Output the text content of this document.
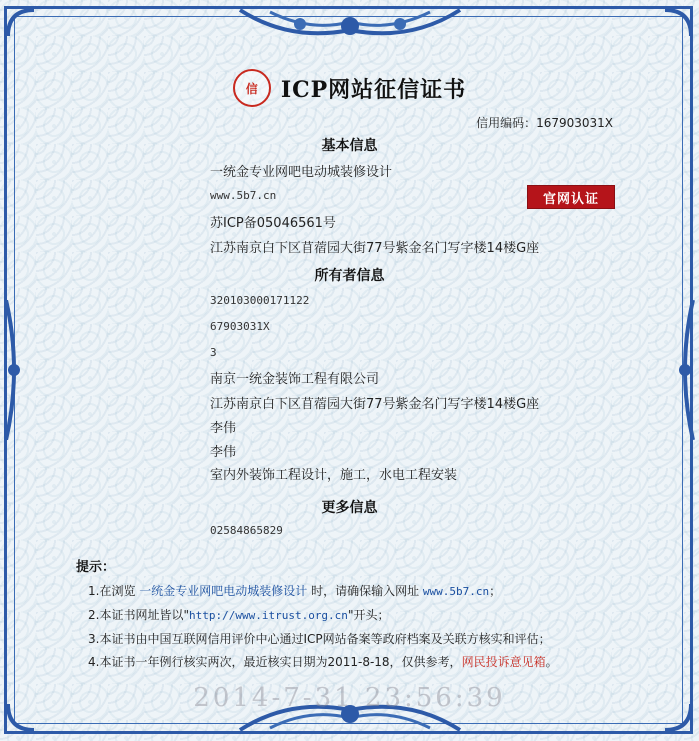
信	ICP网站征信证书
信用编码：167903031X
基本信息
一统金专业网吧电动城装修设计
www.5b7.cn	官网认证
苏ICP备05046561号
江苏南京白下区苜蓿园大街77号紫金名门写字楼14楼G座
所有者信息
320103000171122
67903031X
3
南京一统金装饰工程有限公司
江苏南京白下区苜蓿园大街77号紫金名门写字楼14楼G座
李伟
李伟
室内外装饰工程设计，施工，水电工程安装
更多信息
02584865829
提示：
1.在浏览 一统金专业网吧电动城装修设计 时，请确保输入网址 www.5b7.cn；
2.本证书网址皆以"http://www.itrust.org.cn"开头；
3.本证书由中国互联网信用评价中心通过ICP网站备案等政府档案及关联方核实和评估；
4.本证书一年例行核实两次，最近核实日期为2011-8-18，仅供参考，网民投诉意见箱。
2014-7-31 23:56:39
